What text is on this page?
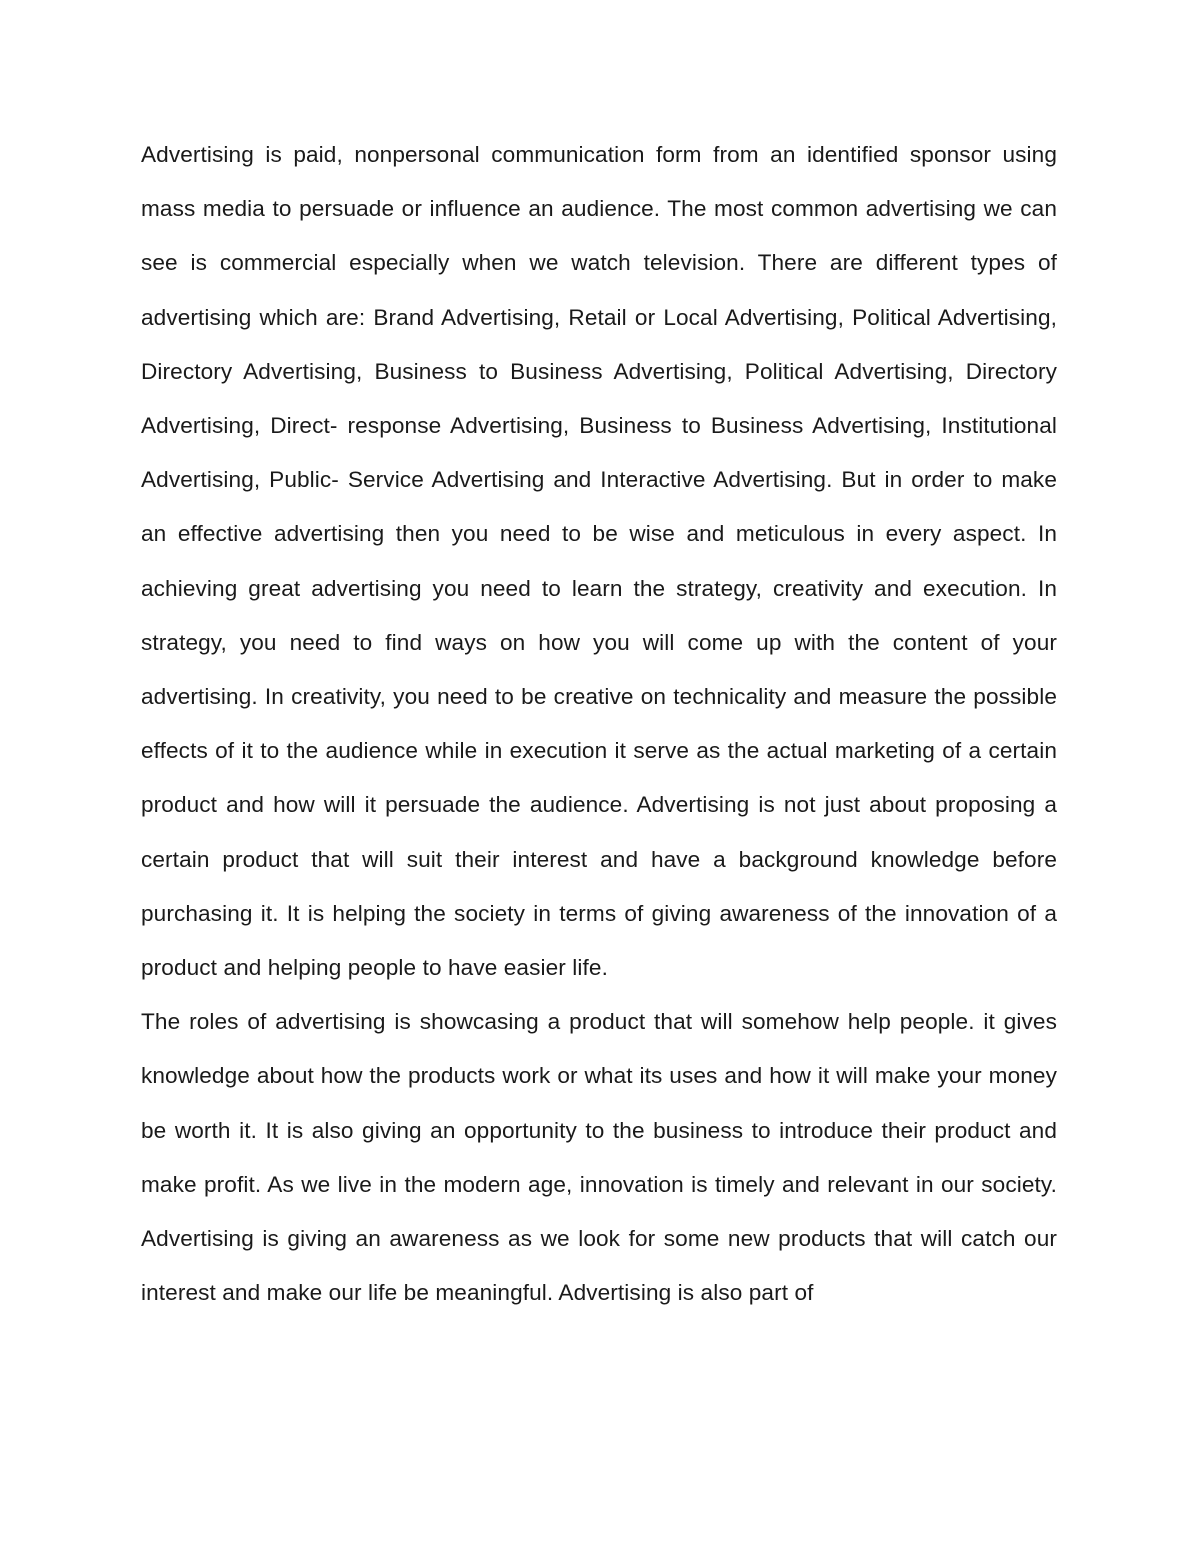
Advertising is paid, nonpersonal communication form from an identified sponsor using mass media to persuade or influence an audience. The most common advertising we can see is commercial especially when we watch television. There are different types of advertising which are: Brand Advertising, Retail or Local Advertising, Political Advertising, Directory Advertising, Business to Business Advertising, Political Advertising, Directory Advertising, Direct- response Advertising, Business to Business Advertising, Institutional Advertising, Public- Service Advertising and Interactive Advertising. But in order to make an effective advertising then you need to be wise and meticulous in every aspect. In achieving great advertising you need to learn the strategy, creativity and execution. In strategy, you need to find ways on how you will come up with the content of your advertising. In creativity, you need to be creative on technicality and measure the possible effects of it to the audience while in execution it serve as the actual marketing of a certain product and how will it persuade the audience. Advertising is not just about proposing a certain product that will suit their interest and have a background knowledge before purchasing it. It is helping the society in terms of giving awareness of the innovation of a product and helping people to have easier life.

The roles of advertising is showcasing a product that will somehow help people. it gives knowledge about how the products work or what its uses and how it will make your money be worth it. It is also giving an opportunity to the business to introduce their product and make profit. As we live in the modern age, innovation is timely and relevant in our society. Advertising is giving an awareness as we look for some new products that will catch our interest and make our life be meaningful. Advertising is also part of
